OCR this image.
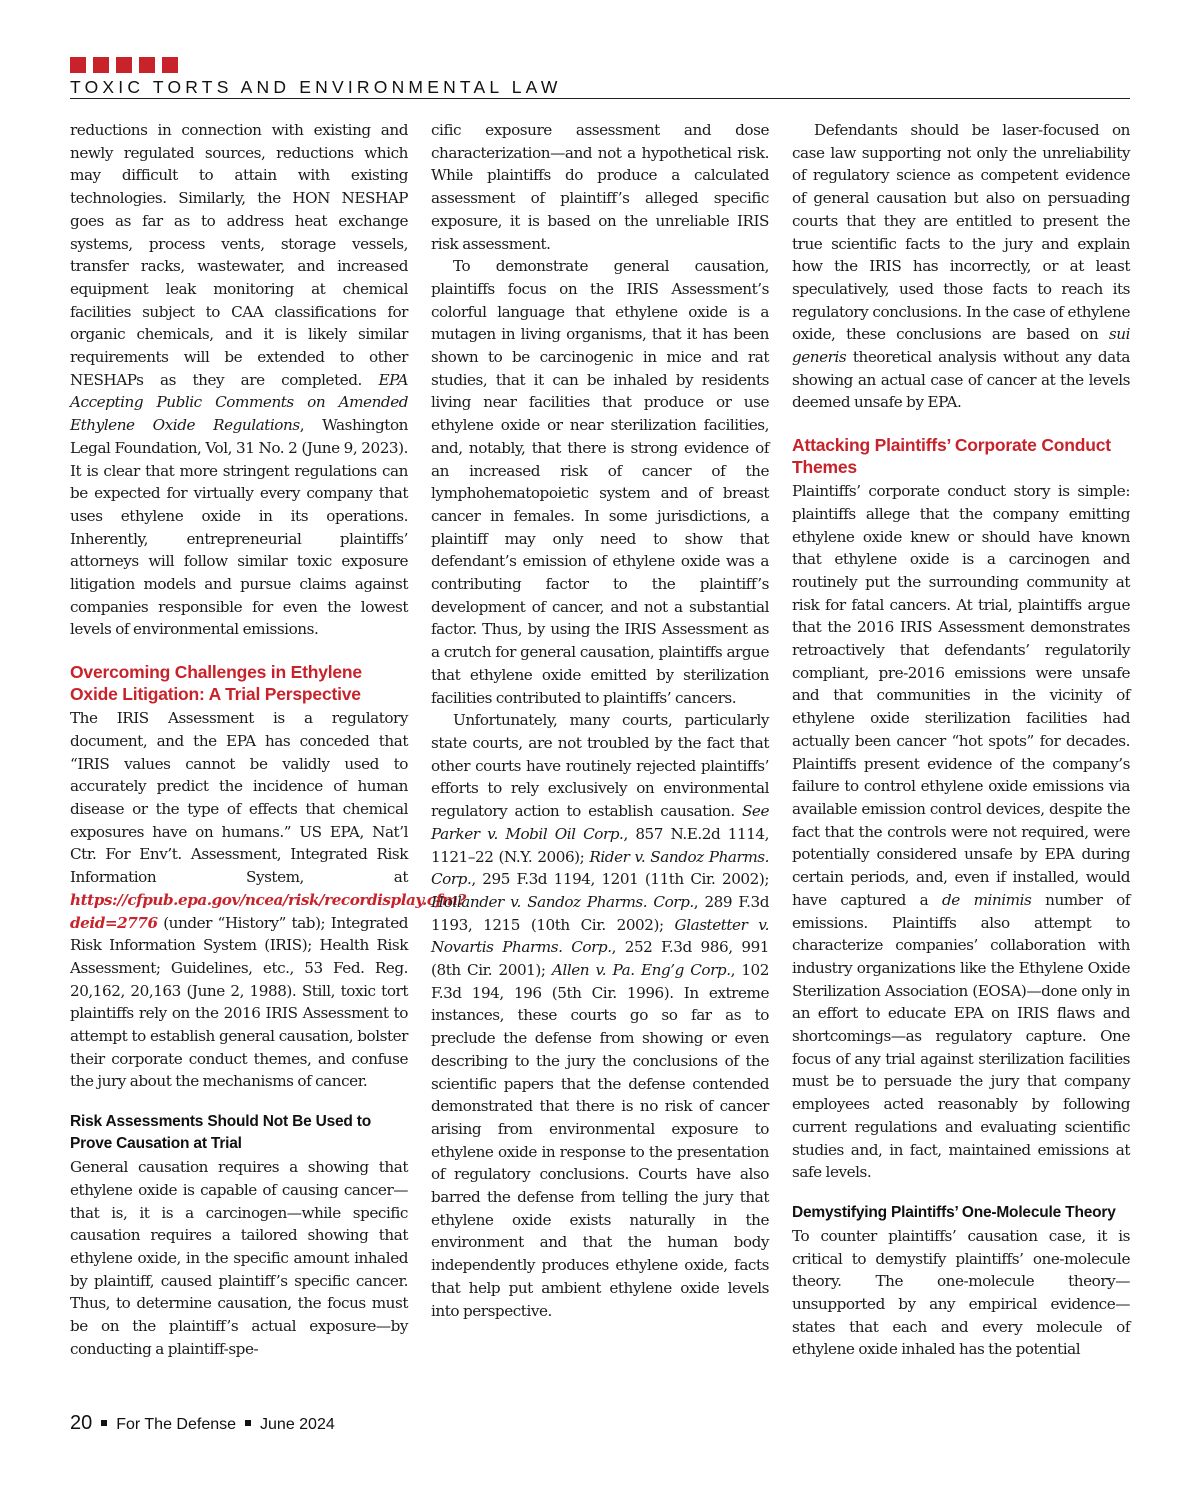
TOXIC TORTS AND ENVIRONMENTAL LAW

reductions in connection with existing and newly regulated sources, reductions which may difficult to attain with existing technologies. Similarly, the HON NESHAP goes as far as to address heat exchange systems, process vents, storage vessels, transfer racks, wastewater, and increased equipment leak monitoring at chemical facilities subject to CAA classifications for organic chemicals, and it is likely similar requirements will be extended to other NESHAPs as they are completed. EPA Accepting Public Comments on Amended Ethylene Oxide Regulations, Washington Legal Foundation, Vol, 31 No. 2 (June 9, 2023). It is clear that more stringent regulations can be expected for virtually every company that uses ethylene oxide in its operations. Inherently, entrepreneurial plaintiffs’ attorneys will follow similar toxic exposure litigation models and pursue claims against companies responsible for even the lowest levels of environmental emissions.

Overcoming Challenges in Ethylene Oxide Litigation: A Trial Perspective

The IRIS Assessment is a regulatory document, and the EPA has conceded that “IRIS values cannot be validly used to accurately predict the incidence of human disease or the type of effects that chemical exposures have on humans.” US EPA, Nat’l Ctr. For Env’t. Assessment, Integrated Risk Information System, at https://cfpub.epa.gov/ncea/risk/recordisplay.cfm?deid=2776 (under “History” tab); Integrated Risk Information System (IRIS); Health Risk Assessment; Guidelines, etc., 53 Fed. Reg. 20,162, 20,163 (June 2, 1988). Still, toxic tort plaintiffs rely on the 2016 IRIS Assessment to attempt to establish general causation, bolster their corporate conduct themes, and confuse the jury about the mechanisms of cancer.

Risk Assessments Should Not Be Used to Prove Causation at Trial

General causation requires a showing that ethylene oxide is capable of causing cancer—that is, it is a carcinogen—while specific causation requires a tailored showing that ethylene oxide, in the specific amount inhaled by plaintiff, caused plaintiff’s specific cancer. Thus, to determine causation, the focus must be on the plaintiff’s actual exposure—by conducting a plaintiff-spe-

cific exposure assessment and dose characterization—and not a hypothetical risk. While plaintiffs do produce a calculated assessment of plaintiff’s alleged specific exposure, it is based on the unreliable IRIS risk assessment.

To demonstrate general causation, plaintiffs focus on the IRIS Assessment’s colorful language that ethylene oxide is a mutagen in living organisms, that it has been shown to be carcinogenic in mice and rat studies, that it can be inhaled by residents living near facilities that produce or use ethylene oxide or near sterilization facilities, and, notably, that there is strong evidence of an increased risk of cancer of the lymphohematopoietic system and of breast cancer in females. In some jurisdictions, a plaintiff may only need to show that defendant’s emission of ethylene oxide was a contributing factor to the plaintiff’s development of cancer, and not a substantial factor. Thus, by using the IRIS Assessment as a crutch for general causation, plaintiffs argue that ethylene oxide emitted by sterilization facilities contributed to plaintiffs’ cancers.

Unfortunately, many courts, particularly state courts, are not troubled by the fact that other courts have routinely rejected plaintiffs’ efforts to rely exclusively on environmental regulatory action to establish causation. See Parker v. Mobil Oil Corp., 857 N.E.2d 1114, 1121–22 (N.Y. 2006); Rider v. Sandoz Pharms. Corp., 295 F.3d 1194, 1201 (11th Cir. 2002); Hollander v. Sandoz Pharms. Corp., 289 F.3d 1193, 1215 (10th Cir. 2002); Glastetter v. Novartis Pharms. Corp., 252 F.3d 986, 991 (8th Cir. 2001); Allen v. Pa. Eng’g Corp., 102 F.3d 194, 196 (5th Cir. 1996). In extreme instances, these courts go so far as to preclude the defense from showing or even describing to the jury the conclusions of the scientific papers that the defense contended demonstrated that there is no risk of cancer arising from environmental exposure to ethylene oxide in response to the presentation of regulatory conclusions. Courts have also barred the defense from telling the jury that ethylene oxide exists naturally in the environment and that the human body independently produces ethylene oxide, facts that help put ambient ethylene oxide levels into perspective.

Defendants should be laser-focused on case law supporting not only the unreliability of regulatory science as competent evidence of general causation but also on persuading courts that they are entitled to present the true scientific facts to the jury and explain how the IRIS has incorrectly, or at least speculatively, used those facts to reach its regulatory conclusions. In the case of ethylene oxide, these conclusions are based on sui generis theoretical analysis without any data showing an actual case of cancer at the levels deemed unsafe by EPA.

Attacking Plaintiffs’ Corporate Conduct Themes

Plaintiffs’ corporate conduct story is simple: plaintiffs allege that the company emitting ethylene oxide knew or should have known that ethylene oxide is a carcinogen and routinely put the surrounding community at risk for fatal cancers. At trial, plaintiffs argue that the 2016 IRIS Assessment demonstrates retroactively that defendants’ regulatorily compliant, pre-2016 emissions were unsafe and that communities in the vicinity of ethylene oxide sterilization facilities had actually been cancer “hot spots” for decades. Plaintiffs present evidence of the company’s failure to control ethylene oxide emissions via available emission control devices, despite the fact that the controls were not required, were potentially considered unsafe by EPA during certain periods, and, even if installed, would have captured a de minimis number of emissions. Plaintiffs also attempt to characterize companies’ collaboration with industry organizations like the Ethylene Oxide Sterilization Association (EOSA)—done only in an effort to educate EPA on IRIS flaws and shortcomings—as regulatory capture. One focus of any trial against sterilization facilities must be to persuade the jury that company employees acted reasonably by following current regulations and evaluating scientific studies and, in fact, maintained emissions at safe levels.

Demystifying Plaintiffs’ One-Molecule Theory

To counter plaintiffs’ causation case, it is critical to demystify plaintiffs’ one-molecule theory. The one-molecule theory—unsupported by any empirical evidence—states that each and every molecule of ethylene oxide inhaled has the potential

20 For The Defense June 2024
